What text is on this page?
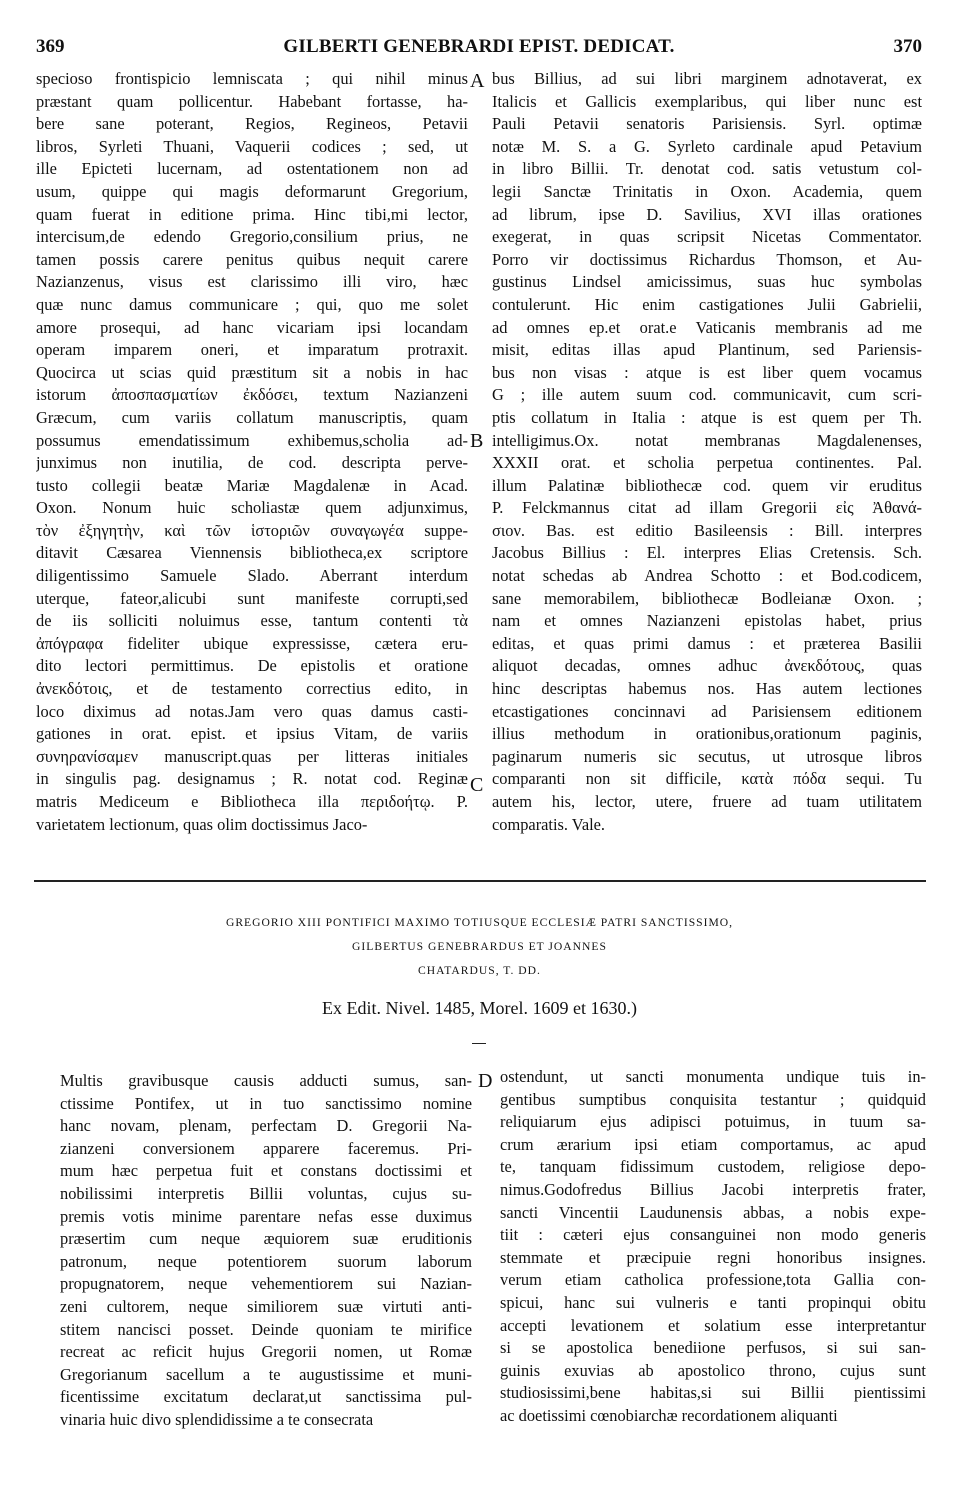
369	GILBERTI GENEBRARDI EPIST. DEDICAT.	370
specioso frontispicio lemniscata ; qui nihil minus
præstant quam pollicentur. Habebant fortasse, ha-
bere sane poterant, Regios, Regineos, Petavii
libros, Syrleti Thuani, Vaquerii codices ; sed, ut
ille Epicteti lucernam, ad ostentationem non ad
usum, quippe qui magis deformarunt Gregorium,
quam fuerat in editione prima. Hinc tibi,mi lector,
intercisum,de edendo Gregorio,consilium prius, ne
tamen possis carere penitus quibus nequit carere
Nazianzenus, visus est clarissimo illi viro, hæc
quæ nunc damus communicare ; qui, quo me solet
amore prosequi, ad hanc vicariam ipsi locandam
operam imparem oneri, et imparatum protraxit.
Quocirca ut scias quid præstitum sit a nobis in hac
istorum ἀποσπασματίων ἐκδόσει, textum Nazianzeni
Græcum, cum variis collatum manuscriptis, quam
possumus emendatissimum exhibemus,scholia ad-
junximus non inutilia, de cod. descripta perve-
tusto collegii beatæ Mariæ Magdalenæ in Acad.
Oxon. Nonum huic scholiastæ quem adjunximus,
τὸν ἐξηγητὴν, καὶ τῶν ἱστοριῶν συναγωγέα suppe-
ditavit Cæsarea Viennensis bibliotheca,ex scriptore
diligentissimo Samuele Slado. Aberrant interdum
uterque, fateor,alicubi sunt manifeste corrupti,sed
de iis solliciti noluimus esse, tantum contenti τὰ
ἀπόγραφα fideliter ubique expressisse, cætera eru-
dito lectori permittimus. De epistolis et oratione
ἀνεκδότοις, et de testamento correctius edito, in
loco diximus ad notas.Jam vero quas damus casti-
gationes in orat. epist. et ipsius Vitam, de variis
συνηρανίσαμεν manuscript.quas per litteras initiales
in singulis pag. designamus ; R. notat cod. Reginæ
matris Mediceum e Bibliotheca illa περιδοήτῳ. P.
varietatem lectionum, quas olim doctissimus Jaco-
bus Billius, ad sui libri marginem adnotaverat, ex
Italicis et Gallicis exemplaribus, qui liber nunc est
Pauli Petavii senatoris Parisiensis. Syrl. optimæ
notæ M. S. a G. Syrleto cardinale apud Petavium
in libro Billii. Tr. denotat cod. satis vetustum col-
legii Sanctæ Trinitatis in Oxon. Academia, quem
ad librum, ipse D. Savilius, XVI illas orationes
exegerat, in quas scripsit Nicetas Commentator.
Porro vir doctissimus Richardus Thomson, et Au-
gustinus Lindsel amicissimus, suas huc symbolas
contulerunt. Hic enim castigationes Julii Gabrielii,
ad omnes ep.et orat.e Vaticanis membranis ad me
misit, editas illas apud Plantinum, sed Pariensis-
bus non visas : atque is est liber quem vocamus
G ; ille autem suum cod. communicavit, cum scri-
ptis collatum in Italia : atque is est quem per Th.
intelligimus.Ox. notat membranas Magdalenenses,
XXXII orat. et scholia perpetua continentes. Pal.
illum Palatinæ bibliothecæ cod. quem vir eruditus
P. Felckmannus citat ad illam Gregorii εἰς Ἀθανά-
σιον. Bas. est editio Basileensis : Bill. interpres
Jacobus Billius : El. interpres Elias Cretensis. Sch.
notat schedas ab Andrea Schotto : et Bod.codicem,
sane memorabilem, bibliothecæ Bodleianæ Oxon. ;
nam et omnes Nazianzeni epistolas habet, prius
editas, et quas primi damus : et præterea Basilii
aliquot decadas, omnes adhuc ἀνεκδότους, quas
hinc descriptas habemus nos. Has autem lectiones
etcastigationes concinnavi ad Parisiensem editionem
illius methodum in orationibus,orationum paginis,
paginarum numeris sic secutus, ut utrosque libros
comparanti non sit difficile, κατὰ πόδα sequi. Tu
autem his, lector, utere, fruere ad tuam utilitatem
comparatis. Vale.
A
B
C
D
GREGORIO XIII PONTIFICI MAXIMO TOTIUSQUE ECCLESIÆ PATRI SANCTISSIMO,
GILBERTUS GENEBRARDUS ET JOANNES
CHATARDUS, T. DD.
Ex Edit. Nivel. 1485, Morel. 1609 et 1630.)
Multis gravibusque causis adducti sumus, san-
ctissime Pontifex, ut in tuo sanctissimo nomine
hanc novam, plenam, perfectam D. Gregorii Na-
zianzeni conversionem apparere faceremus. Pri-
mum hæc perpetua fuit et constans doctissimi et
nobilissimi interpretis Billii voluntas, cujus su-
premis votis minime parentare nefas esse duximus
præsertim cum neque æquiorem suæ eruditionis
patronum, neque potentiorem suorum laborum
propugnatorem, neque vehementiorem sui Nazian-
zeni cultorem, neque similiorem suæ virtuti anti-
stitem nancisci posset. Deinde quoniam te mirifice
recreat ac reficit hujus Gregorii nomen, ut Romæ
Gregorianum sacellum a te augustissime et muni-
ficentissime excitatum declarat,ut sanctissima pul-
vinaria huic divo splendidissime a te consecrata
ostendunt, ut sancti monumenta undique tuis in-
gentibus sumptibus conquisita testantur ; quidquid
reliquiarum ejus adipisci potuimus, in tuum sa-
crum ærarium ipsi etiam comportamus, ac apud
te, tanquam fidissimum custodem, religiose depo-
nimus.Godofredus Billius Jacobi interpretis frater,
sancti Vincentii Laudunensis abbas, a nobis expe-
tiit : cæteri ejus consanguinei non modo generis
stemmate et præcipuie regni honoribus insignes.
verum etiam catholica professione,tota Gallia con-
spicui, hanc sui vulneris e tanti propinqui obitu
accepti levationem et solatium esse interpretantur
si se apostolica benediione perfusos, si sui san-
guinis exuvias ab apostolico throno, cujus sunt
studiosissimi,bene habitas,si sui Billii pientissimi
ac doetissimi cœnobiarchæ recordationem aliquanti
